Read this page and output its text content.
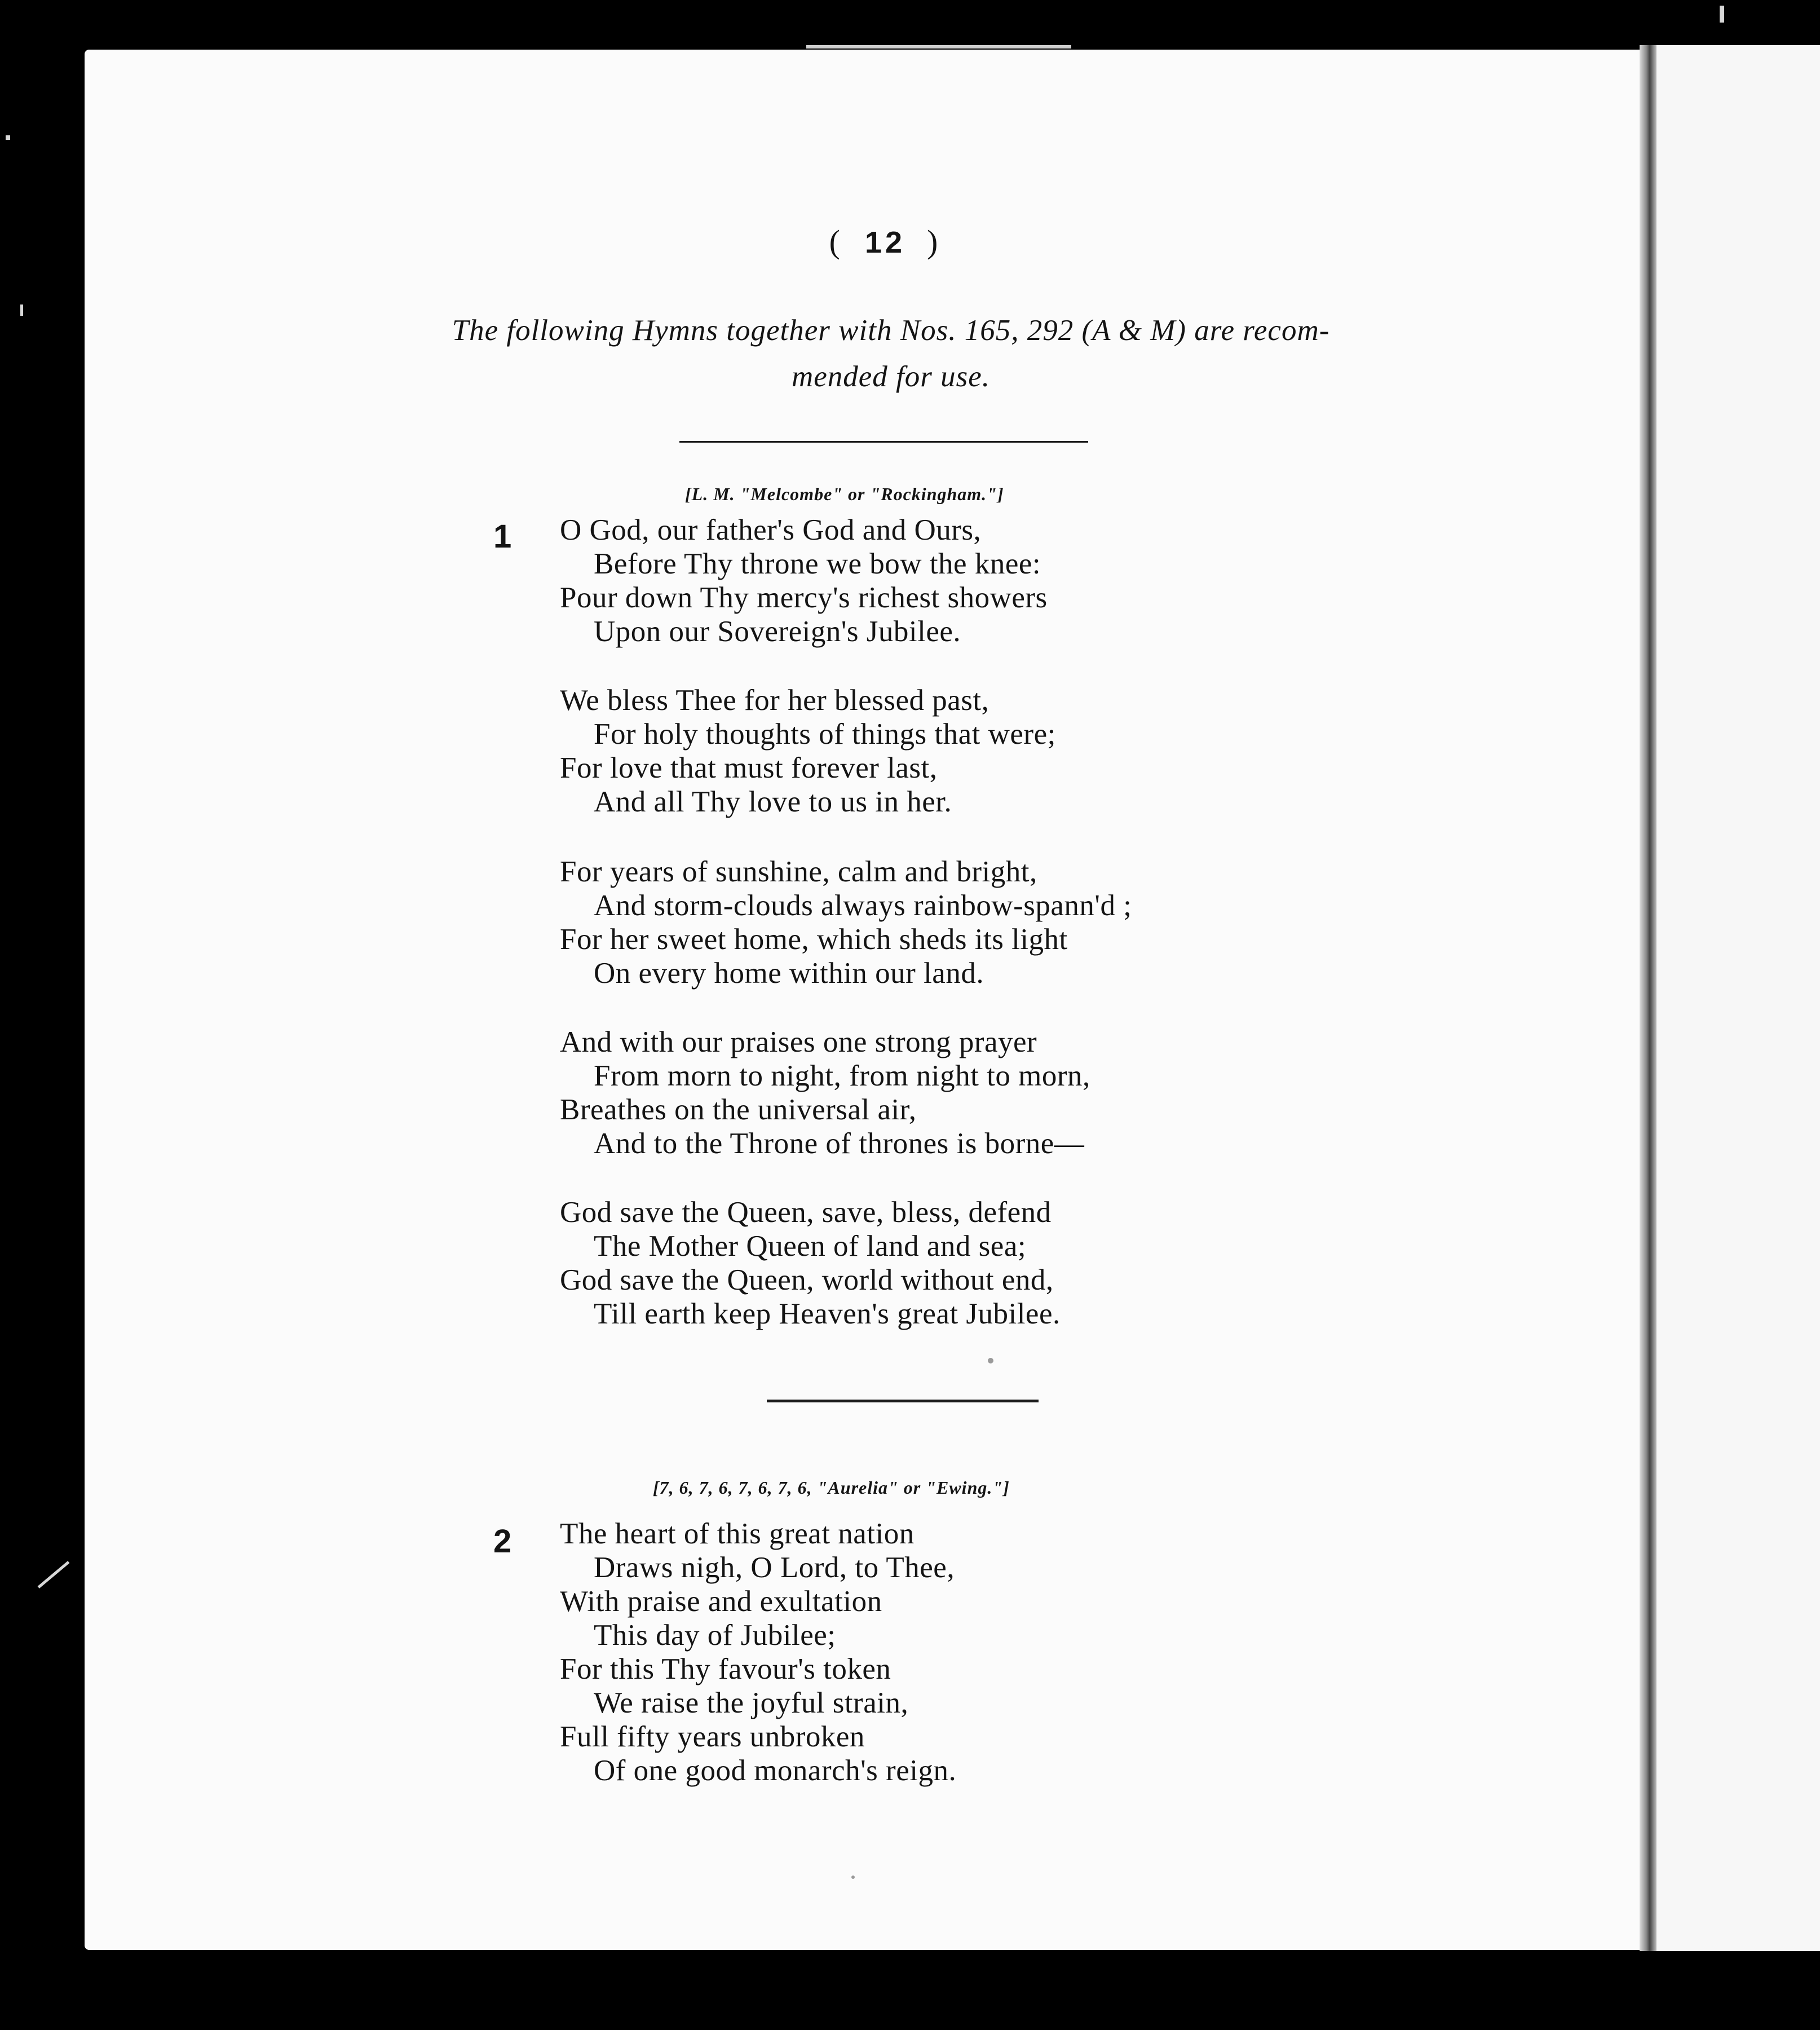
( 12 )
The following Hymns together with Nos. 165, 292 (A & M) are recom-
mended for use.
[L. M. "Melcombe" or "Rockingham."]
1 O God, our father's God and Ours,
Before Thy throne we bow the knee:
Pour down Thy mercy's richest showers
Upon our Sovereign's Jubilee.
We bless Thee for her blessed past,
For holy thoughts of things that were;
For love that must forever last,
And all Thy love to us in her.
For years of sunshine, calm and bright,
And storm-clouds always rainbow-spann'd ;
For her sweet home, which sheds its light
On every home within our land.
And with our praises one strong prayer
From morn to night, from night to morn,
Breathes on the universal air,
And to the Throne of thrones is borne—
God save the Queen, save, bless, defend
The Mother Queen of land and sea;
God save the Queen, world without end,
Till earth keep Heaven's great Jubilee.
[7, 6, 7, 6, 7, 6, 7, 6, "Aurelia" or "Ewing."]
2 The heart of this great nation
Draws nigh, O Lord, to Thee,
With praise and exultation
This day of Jubilee;
For this Thy favour's token
We raise the joyful strain,
Full fifty years unbroken
Of one good monarch's reign.
